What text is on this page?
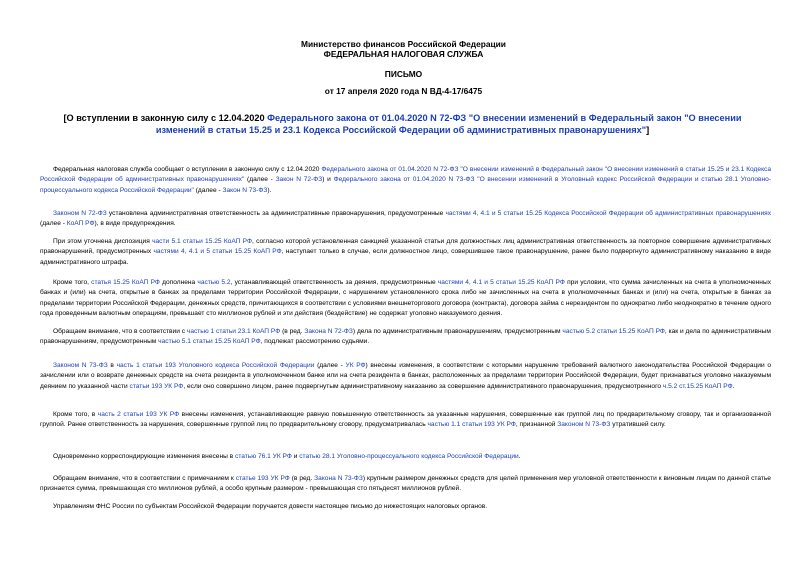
Министерство финансов Российской Федерации
ФЕДЕРАЛЬНАЯ НАЛОГОВАЯ СЛУЖБА
ПИСЬМО
от 17 апреля 2020 года N ВД-4-17/6475
[О вступлении в законную силу с 12.04.2020 Федерального закона от 01.04.2020 N 72-ФЗ "О внесении изменений в Федеральный закон "О внесении изменений в статьи 15.25 и 23.1 Кодекса Российской Федерации об административных правонарушениях"]
Федеральная налоговая служба сообщает о вступлении в законную силу с 12.04.2020 Федерального закона от 01.04.2020 N 72-ФЗ "О внесении изменений в Федеральный закон "О внесении изменений в статьи 15.25 и 23.1 Кодекса Российской Федерации об административных правонарушениях" (далее - Закон N 72-ФЗ) и Федерального закона от 01.04.2020 N 73-ФЗ "О внесении изменений в Уголовный кодекс Российской Федерации и статью 28.1 Уголовно-процессуального кодекса Российской Федерации" (далее - Закон N 73-ФЗ).
Законом N 72-ФЗ установлена административная ответственность за административные правонарушения, предусмотренные частями 4, 4.1 и 5 статьи 15.25 Кодекса Российской Федерации об административных правонарушениях (далее - КоАП РФ), в виде предупреждения.
При этом уточнена диспозиция части 5.1 статьи 15.25 КоАП РФ, согласно которой установленная санкцией указанной статьи для должностных лиц административная ответственность за повторное совершение административных правонарушений, предусмотренных частями 4, 4.1 и 5 статьи 15.25 КоАП РФ, наступает только в случае, если должностное лицо, совершившее такое правонарушение, ранее было подвергнуто административному наказанию в виде административного штрафа.
Кроме того, статья 15.25 КоАП РФ дополнена частью 5.2, устанавливающей ответственность за деяния, предусмотренные частями 4, 4.1 и 5 статьи 15.25 КоАП РФ при условии, что сумма зачисленных на счета в уполномоченных банках и (или) на счета, открытые в банках за пределами территории Российской Федерации, с нарушением установленного срока либо не зачисленных на счета в уполномоченных банках и (или) на счета, открытые в банках за пределами территории Российской Федерации, денежных средств, причитающихся в соответствии с условиями внешнеторгового договора (контракта), договора займа с нерезидентом по однократно либо неоднократно в течение одного года проведенным валютным операциям, превышает сто миллионов рублей и эти действия (бездействие) не содержат уголовно наказуемого деяния.
Обращаем внимание, что в соответствии с частью 1 статьи 23.1 КоАП РФ (в ред. Закона N 72-ФЗ) дела по административным правонарушениям, предусмотренным частью 5.2 статьи 15.25 КоАП РФ, как и дела по административным правонарушениям, предусмотренным частью 5.1 статьи 15.25 КоАП РФ, подлежат рассмотрению судьями.
Законом N 73-ФЗ в часть 1 статьи 193 Уголовного кодекса Российской Федерации (далее - УК РФ) внесены изменения, в соответствии с которыми нарушение требований валютного законодательства Российской Федерации о зачислении или о возврате денежных средств на счета резидента в уполномоченном банке или на счета резидента в банках, расположенных за пределами территории Российской Федерации, будет признаваться уголовно наказуемым деянием по указанной части статьи 193 УК РФ, если оно совершено лицом, ранее подвергнутым административному наказанию за совершение административного правонарушения, предусмотренного ч.5.2 ст.15.25 КоАП РФ.
Кроме того, в часть 2 статьи 193 УК РФ внесены изменения, устанавливающие равную повышенную ответственность за указанные нарушения, совершенные как группой лиц по предварительному сговору, так и организованной группой. Ранее ответственность за нарушения, совершенные группой лиц по предварительному сговору, предусматривалась частью 1.1 статьи 193 УК РФ, признанной Законом N 73-ФЗ утратившей силу.
Одновременно корреспондирующие изменения внесены в статью 76.1 УК РФ и статью 28.1 Уголовно-процессуального кодекса Российской Федерации.
Обращаем внимание, что в соответствии с примечанием к статье 193 УК РФ (в ред. Закона N 73-ФЗ) крупным размером денежных средств для целей применения мер уголовной ответственности к виновным лицам по данной статье признается сумма, превышающая сто миллионов рублей, а особо крупным размером - превышающая сто пятьдесят миллионов рублей.
Управлениям ФНС России по субъектам Российской Федерации поручается довести настоящее письмо до нижестоящих налоговых органов.
